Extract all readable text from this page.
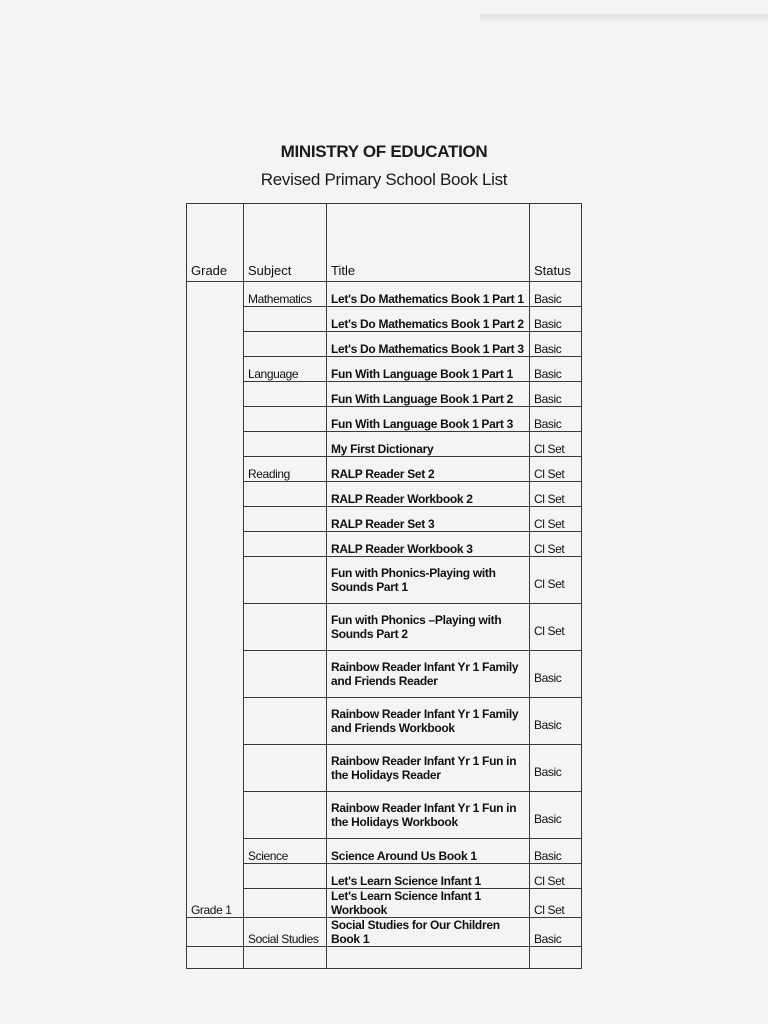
MINISTRY OF EDUCATION
Revised Primary School Book List
Grade	Subject	Title	Status
Grade 1	Mathematics	Let's Do Mathematics Book 1 Part 1	Basic
		Let's Do Mathematics Book 1 Part 2	Basic
		Let's Do Mathematics Book 1 Part 3	Basic
	Language	Fun With Language Book 1 Part 1	Basic
		Fun With Language Book 1 Part 2	Basic
		Fun With Language Book 1 Part 3	Basic
		My First Dictionary	Cl Set
	Reading	RALP Reader Set 2	Cl Set
		RALP Reader Workbook 2	Cl Set
		RALP Reader Set 3	Cl Set
		RALP Reader Workbook 3	Cl Set
		Fun with Phonics-Playing with Sounds Part 1	Cl Set
		Fun with Phonics –Playing with Sounds Part 2	Cl Set
		Rainbow Reader Infant Yr 1 Family and Friends Reader	Basic
		Rainbow Reader Infant Yr 1 Family and Friends Workbook	Basic
		Rainbow Reader Infant Yr 1 Fun in the Holidays Reader	Basic
		Rainbow Reader Infant Yr 1 Fun in the Holidays Workbook	Basic
	Science	Science Around Us Book 1	Basic
		Let's Learn Science Infant 1	Cl Set
		Let's Learn Science Infant 1 Workbook	Cl Set
	Social Studies	Social Studies for Our Children Book 1	Basic
